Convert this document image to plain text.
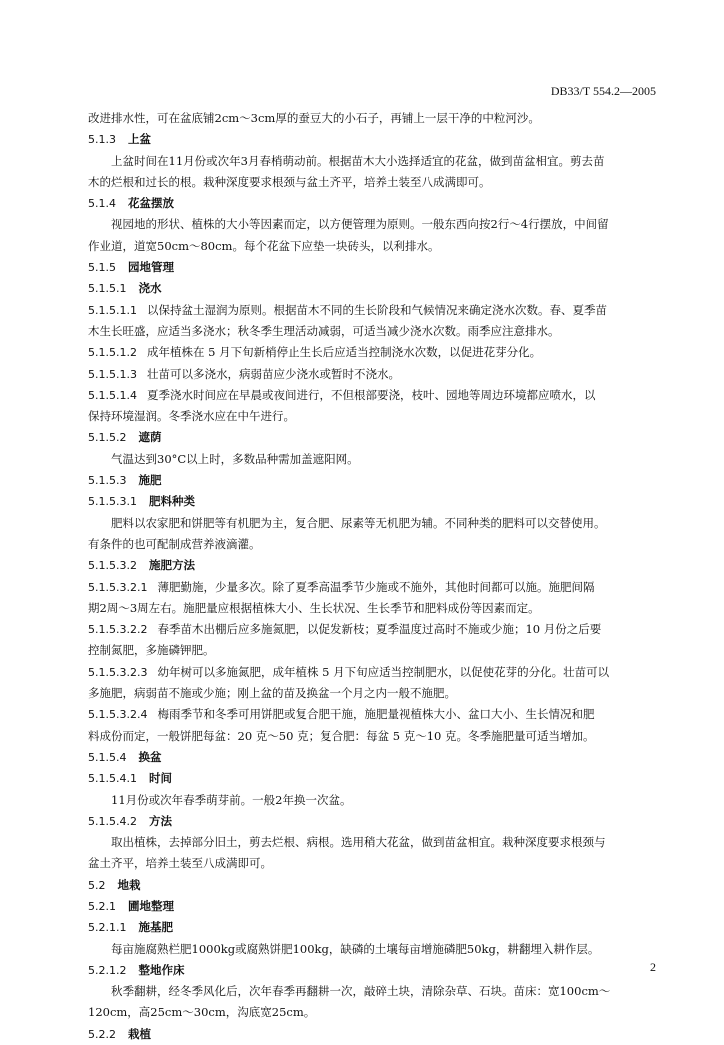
DB33/T 554.2—2005

改进排水性，可在盆底铺2cm～3cm厚的蚕豆大的小石子，再铺上一层干净的中粒河沙。

5.1.3 上盆

上盆时间在11月份或次年3月春梢萌动前。根据苗木大小选择适宜的花盆，做到苗盆相宜。剪去苗

木的烂根和过长的根。栽种深度要求根颈与盆土齐平，培养土装至八成满即可。

5.1.4 花盆摆放

视园地的形状、植株的大小等因素而定，以方便管理为原则。一般东西向按2行～4行摆放，中间留

作业道，道宽50cm～80cm。每个花盆下应垫一块砖头，以利排水。

5.1.5 园地管理

5.1.5.1 浇水

5.1.5.1.1 以保持盆土湿润为原则。根据苗木不同的生长阶段和气候情况来确定浇水次数。春、夏季苗

木生长旺盛，应适当多浇水；秋冬季生理活动减弱，可适当减少浇水次数。雨季应注意排水。

5.1.5.1.2 成年植株在 5 月下旬新梢停止生长后应适当控制浇水次数，以促进花芽分化。

5.1.5.1.3 壮苗可以多浇水，病弱苗应少浇水或暂时不浇水。

5.1.5.1.4 夏季浇水时间应在早晨或夜间进行，不但根部要浇，枝叶、园地等周边环境都应喷水，以

保持环境湿润。冬季浇水应在中午进行。

5.1.5.2 遮荫

气温达到30°C以上时，多数品种需加盖遮阳网。

5.1.5.3 施肥

5.1.5.3.1 肥料种类

肥料以农家肥和饼肥等有机肥为主，复合肥、尿素等无机肥为辅。不同种类的肥料可以交替使用。

有条件的也可配制成营养液滴灌。

5.1.5.3.2 施肥方法

5.1.5.3.2.1 薄肥勤施，少量多次。除了夏季高温季节少施或不施外，其他时间都可以施。施肥间隔

期2周～3周左右。施肥量应根据植株大小、生长状况、生长季节和肥料成份等因素而定。

5.1.5.3.2.2 春季苗木出棚后应多施氮肥，以促发新枝；夏季温度过高时不施或少施；10 月份之后要

控制氮肥，多施磷钾肥。

5.1.5.3.2.3 幼年树可以多施氮肥，成年植株 5 月下旬应适当控制肥水，以促使花芽的分化。壮苗可以

多施肥，病弱苗不施或少施；刚上盆的苗及换盆一个月之内一般不施肥。

5.1.5.3.2.4 梅雨季节和冬季可用饼肥或复合肥干施，施肥量视植株大小、盆口大小、生长情况和肥

料成份而定，一般饼肥每盆：20 克～50 克；复合肥：每盆 5 克～10 克。冬季施肥量可适当增加。

5.1.5.4 换盆

5.1.5.4.1 时间

11月份或次年春季萌芽前。一般2年换一次盆。

5.1.5.4.2 方法

取出植株，去掉部分旧土，剪去烂根、病根。选用稍大花盆，做到苗盆相宜。栽种深度要求根颈与

盆土齐平，培养土装至八成满即可。

5.2 地栽

5.2.1 圃地整理

5.2.1.1 施基肥

每亩施腐熟栏肥1000kg或腐熟饼肥100kg，缺磷的土壤每亩增施磷肥50kg，耕翻埋入耕作层。

5.2.1.2 整地作床

秋季翻耕，经冬季风化后，次年春季再翻耕一次，敲碎土块，清除杂草、石块。苗床：宽100cm～

120cm，高25cm～30cm，沟底宽25cm。

5.2.2 栽植

2
